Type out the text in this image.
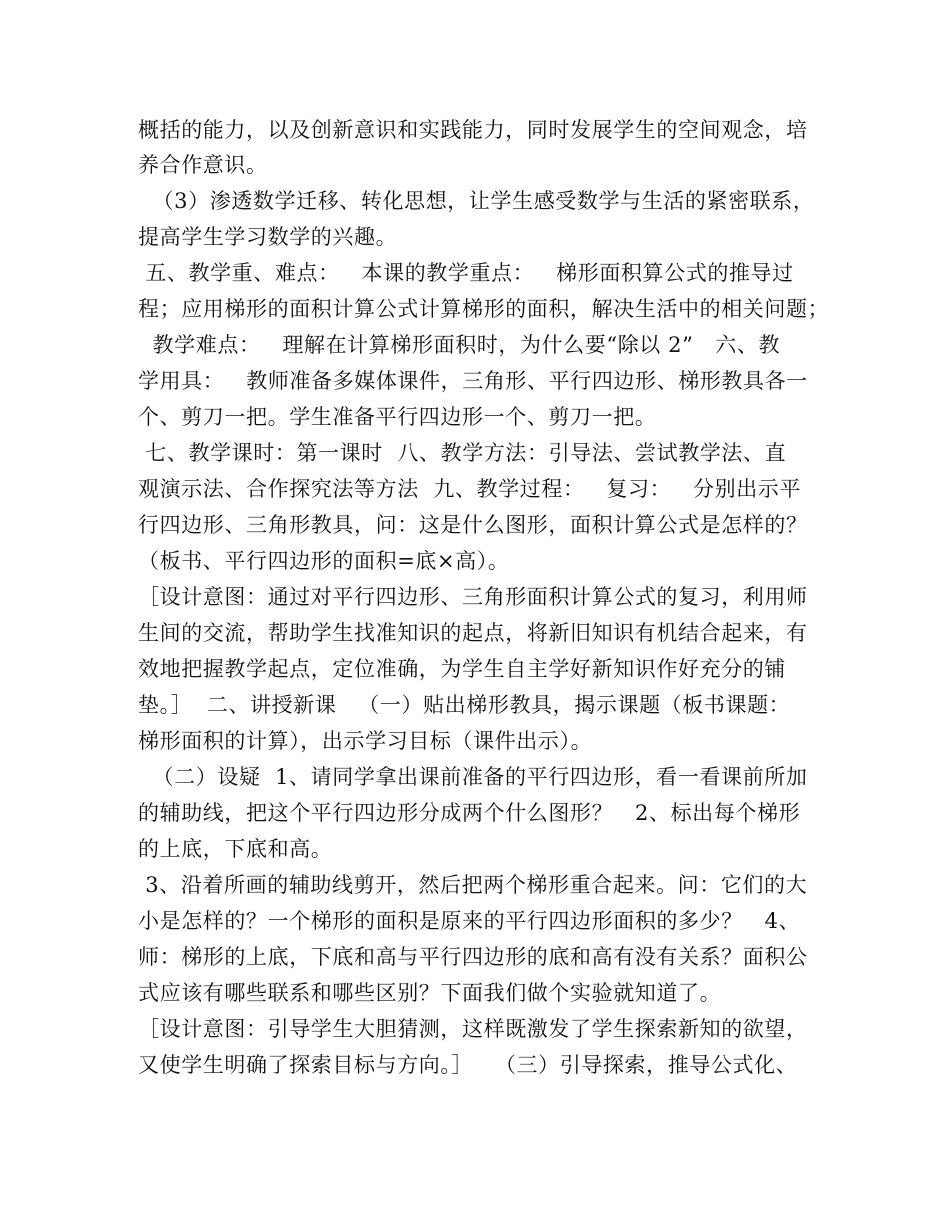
概括的能力，以及创新意识和实践能力，同时发展学生的空间观念，培
养合作意识。
（3）渗透数学迁移、转化思想，让学生感受数学与生活的紧密联系，
提高学生学习数学的兴趣。
五、教学重、难点：   本课的教学重点：   梯形面积算公式的推导过
程；应用梯形的面积计算公式计算梯形的面积，解决生活中的相关问题；
教学难点：   理解在计算梯形面积时，为什么要“除以 2”   六、教
学用具：   教师准备多媒体课件，三角形、平行四边形、梯形教具各一
个、剪刀一把。学生准备平行四边形一个、剪刀一把。
七、教学课时：第一课时  八、教学方法：引导法、尝试教学法、直
观演示法、合作探究法等方法  九、教学过程：   复习：   分别出示平
行四边形、三角形教具，问：这是什么图形，面积计算公式是怎样的？
（板书、平行四边形的面积=底×高）。
［设计意图：通过对平行四边形、三角形面积计算公式的复习，利用师
生间的交流，帮助学生找准知识的起点，将新旧知识有机结合起来，有
效地把握教学起点，定位准确，为学生自主学好新知识作好充分的铺
垫。］  二、讲授新课   （一）贴出梯形教具，揭示课题（板书课题：
梯形面积的计算），出示学习目标（课件出示）。
（二）设疑  1、请同学拿出课前准备的平行四边形，看一看课前所加
的辅助线，把这个平行四边形分成两个什么图形？   2、标出每个梯形
的上底，下底和高。
3、沿着所画的辅助线剪开，然后把两个梯形重合起来。问：它们的大
小是怎样的？一个梯形的面积是原来的平行四边形面积的多少？   4、
师：梯形的上底，下底和高与平行四边形的底和高有没有关系？面积公
式应该有哪些联系和哪些区别？下面我们做个实验就知道了。
［设计意图：引导学生大胆猜测，这样既激发了学生探索新知的欲望，
又使学生明确了探索目标与方向。］   （三）引导探索，推导公式化、
